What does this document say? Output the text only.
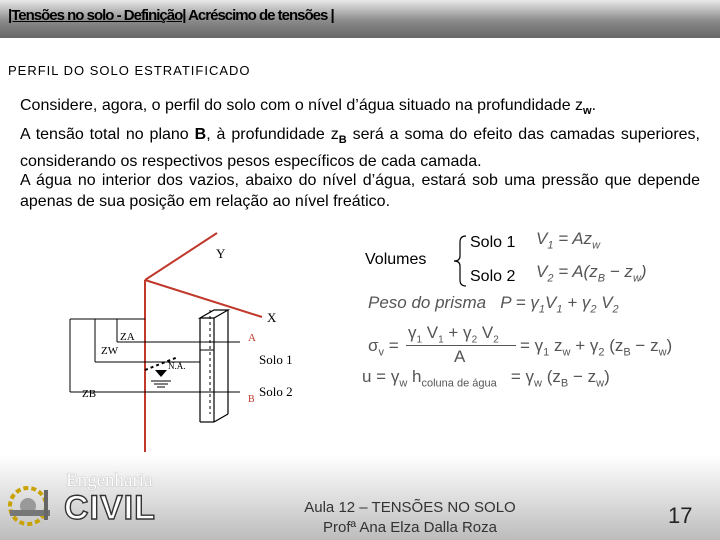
|Tensões no solo - Definição| Acréscimo de tensões |
PERFIL DO SOLO ESTRATIFICADO
Considere, agora, o perfil do solo com o nível d’água situado na profundidade $z_w$.
A tensão total no plano B, à profundidade $z_B$ será a soma do efeito das camadas superiores, considerando os respectivos pesos específicos de cada camada.
A água no interior dos vazios, abaixo do nível d’água, estará sob uma pressão que depende apenas de sua posição em relação ao nível freático.
Y
X
ZA
ZW
ZB
N.A.
A
B
Solo 1
Solo 2
Volumes
Solo 1
Solo 2
$V_1 = Az_w$
$V_2 = A(z_B - z_w)$
Peso do prisma   $P = \gamma_1V_1 + \gamma_2$ $V_2$
$\sigma_v$ =
$\gamma_1$ $V_1 + \gamma_2$ $V_2$
A
= $\gamma_1$ $z_w + \gamma_2$ $(z_B - z_w)$
$u = \gamma_w$ $h_{coluna de água} = \gamma_w$ $(z_B - z_w)$
Engenharia
CIVIL	Aula 12 – TENSÕES NO SOLO
Profª Ana Elza Dalla Roza	17
